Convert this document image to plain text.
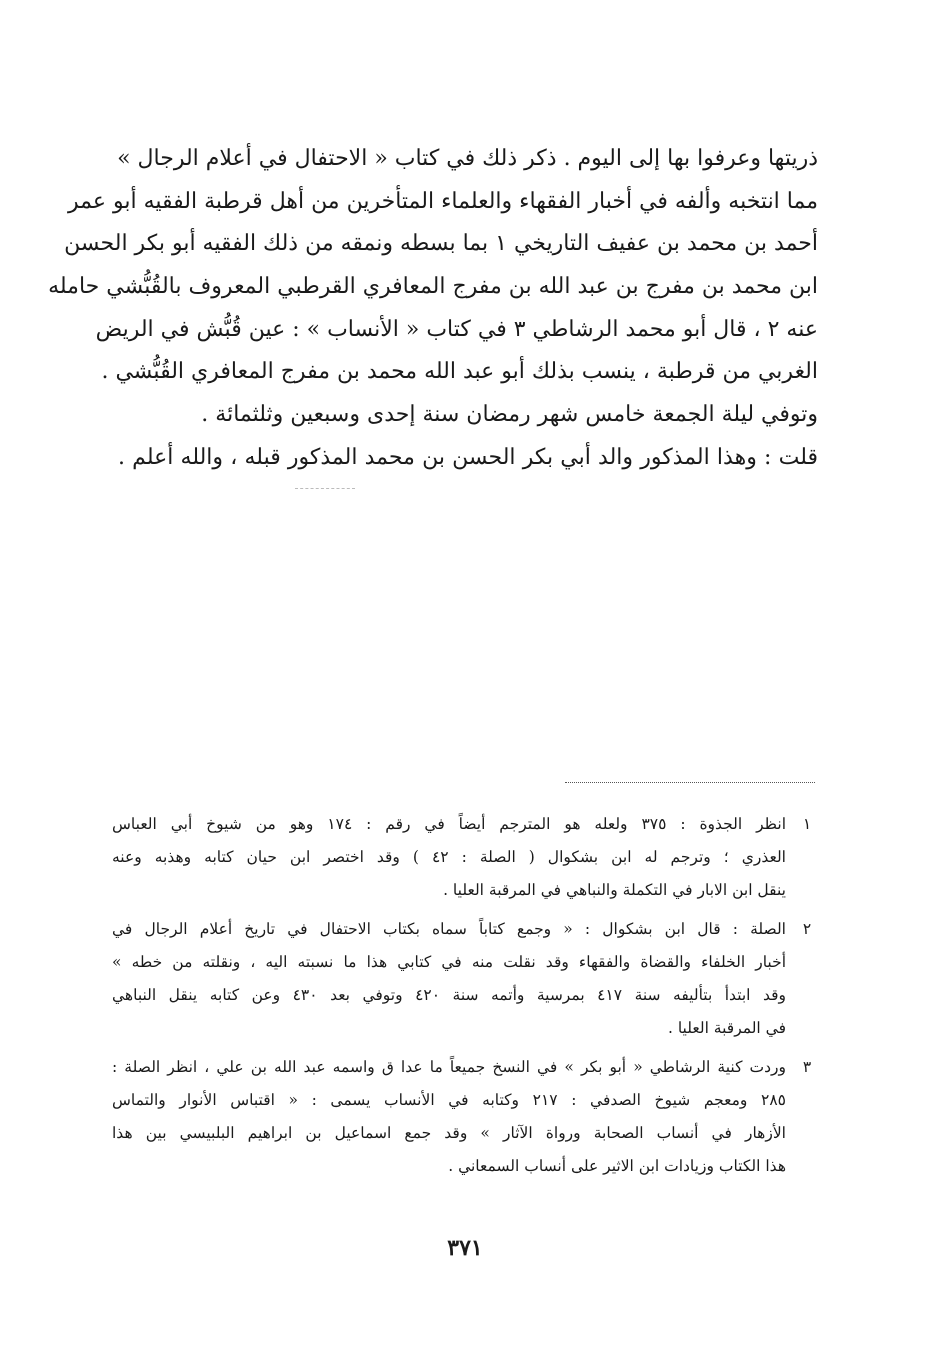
ذريتها وعرفوا بها إلى اليوم . ذكر ذلك في كتاب « الاحتفال في أعلام الرجال »
مما انتخبه وألفه في أخبار الفقهاء والعلماء المتأخرين من أهل قرطبة الفقيه أبو عمر
أحمد بن محمد بن عفيف التاريخي ١ بما بسطه ونمقه من ذلك الفقيه أبو بكر الحسن
ابن محمد بن مفرج بن عبد الله بن مفرج المعافري القرطبي المعروف بالقُبُّشي حامله
عنه ٢ ، قال أبو محمد الرشاطي ٣ في كتاب « الأنساب » : عين قُبُّش في الريض
الغربي من قرطبة ، ينسب بذلك أبو عبد الله محمد بن مفرج المعافري القُبُّشي .
وتوفي ليلة الجمعة خامس شهر رمضان سنة إحدى وسبعين وثلثمائة .
قلت : وهذا المذكور والد أبي بكر الحسن بن محمد المذكور قبله ، والله أعلم .
١
انظر الجذوة : ٣٧٥ ولعله هو المترجم أيضاً في رقم : ١٧٤ وهو من شيوخ أبي العباس
العذري ؛ وترجم له ابن بشكوال ( الصلة : ٤٢ ) وقد اختصر ابن حيان كتابه وهذبه وعنه
ينقل ابن الابار في التكملة والنباهي في المرقبة العليا .
٢
الصلة : قال ابن بشكوال : « وجمع كتاباً سماه بكتاب الاحتفال في تاريخ أعلام الرجال في
أخبار الخلفاء والقضاة والفقهاء وقد نقلت منه في كتابي هذا ما نسبته اليه ، ونقلته من خطه »
وقد ابتدأ بتأليفه سنة ٤١٧ بمرسية وأتمه سنة ٤٢٠ وتوفي بعد ٤٣٠ وعن كتابه ينقل النباهي
في المرقبة العليا .
٣
وردت كنية الرشاطي « أبو بكر » في النسخ جميعاً ما عدا ق واسمه عبد الله بن علي ، انظر الصلة :
٢٨٥ ومعجم شيوخ الصدفي : ٢١٧ وكتابه في الأنساب يسمى : « اقتباس الأنوار والتماس
الأزهار في أنساب الصحابة ورواة الآثار » وقد جمع اسماعيل بن ابراهيم البلبيسي بين هذا
هذا الكتاب وزيادات ابن الاثير على أنساب السمعاني .
٣٧١
